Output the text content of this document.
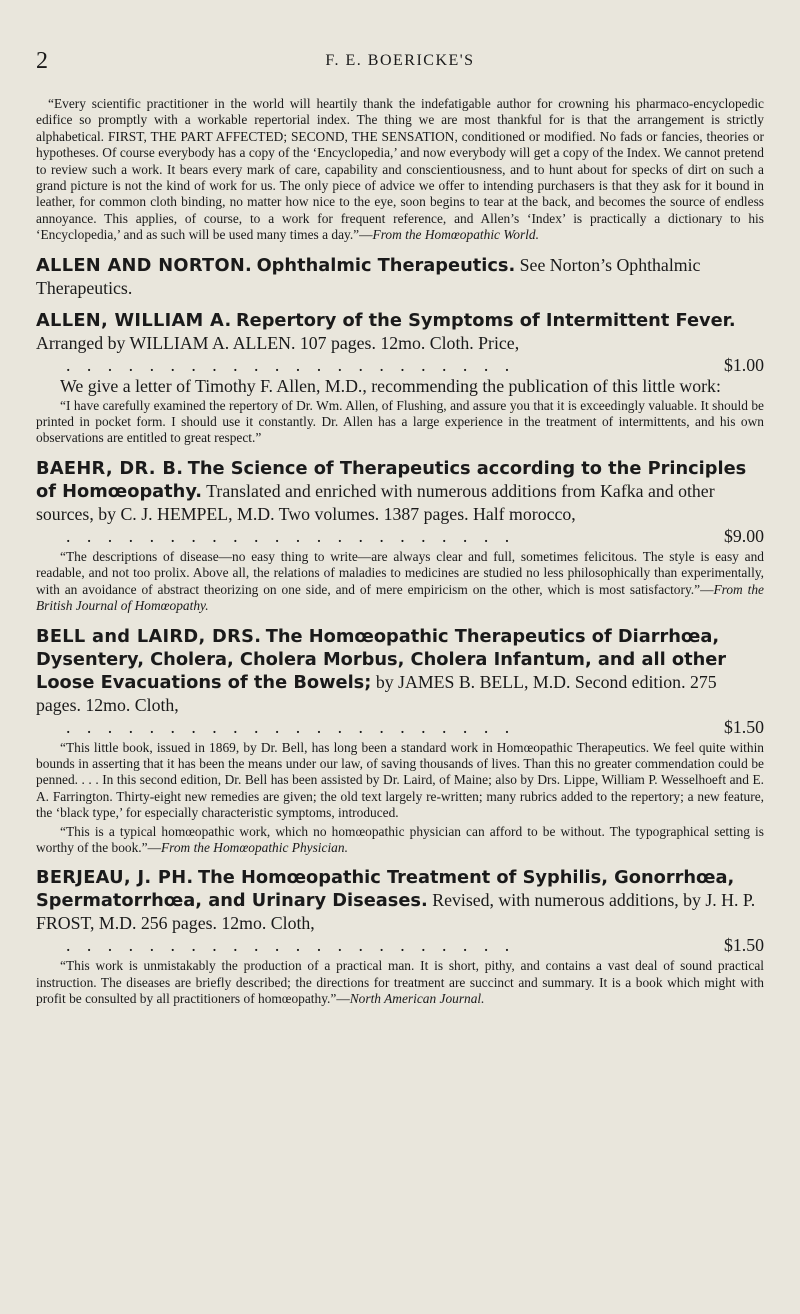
2	F. E. BOERICKE'S

“Every scientific practitioner in the world will heartily thank the indefatigable author for crowning his pharmaco-encyclopedic edifice so promptly with a workable repertorial index. The thing we are most thankful for is that the arrangement is strictly alphabetical. FIRST, THE PART AFFECTED; SECOND, THE SENSATION, conditioned or modified. No fads or fancies, theories or hypotheses. Of course everybody has a copy of the ‘Encyclopedia,’ and now everybody will get a copy of the Index. We cannot pretend to review such a work. It bears every mark of care, capability and conscientiousness, and to hunt about for specks of dirt on such a grand picture is not the kind of work for us. The only piece of advice we offer to intending purchasers is that they ask for it bound in leather, for common cloth binding, no matter how nice to the eye, soon begins to tear at the back, and becomes the source of endless annoyance. This applies, of course, to a work for frequent reference, and Allen’s ‘Index’ is practically a dictionary to his ‘Encyclopedia,’ and as such will be used many times a day.”—From the Homœopathic World.

ALLEN AND NORTON. Ophthalmic Therapeutics. See Norton’s Ophthalmic Therapeutics.
ALLEN, WILLIAM A. Repertory of the Symptoms of Intermittent Fever. Arranged by WILLIAM A. ALLEN. 107 pages. 12mo. Cloth. Price,
. . . . . . . . . . . . . . . . . . . . . .	$1.00

We give a letter of Timothy F. Allen, M.D., recommending the publication of this little work:

“I have carefully examined the repertory of Dr. Wm. Allen, of Flushing, and assure you that it is exceedingly valuable. It should be printed in pocket form. I should use it constantly. Dr. Allen has a large experience in the treatment of intermittents, and his own observations are entitled to great respect.”

BAEHR, DR. B. The Science of Therapeutics according to the Principles of Homœopathy. Translated and enriched with numerous additions from Kafka and other sources, by C. J. HEMPEL, M.D. Two volumes. 1387 pages. Half morocco,
. . . . . . . . . . . . . . . . . . . . . .	$9.00

“The descriptions of disease—no easy thing to write—are always clear and full, sometimes felicitous. The style is easy and readable, and not too prolix. Above all, the relations of maladies to medicines are studied no less philosophically than experimentally, with an avoidance of abstract theorizing on one side, and of mere empiricism on the other, which is most satisfactory.”—From the British Journal of Homœopathy.

BELL and LAIRD, DRS. The Homœopathic Therapeutics of Diarrhœa, Dysentery, Cholera, Cholera Morbus, Cholera Infantum, and all other Loose Evacuations of the Bowels; by JAMES B. BELL, M.D. Second edition. 275 pages. 12mo. Cloth,
. . . . . . . . . . . . . . . . . . . . . .	$1.50

“This little book, issued in 1869, by Dr. Bell, has long been a standard work in Homœopathic Therapeutics. We feel quite within bounds in asserting that it has been the means under our law, of saving thousands of lives. Than this no greater commendation could be penned. . . . In this second edition, Dr. Bell has been assisted by Dr. Laird, of Maine; also by Drs. Lippe, William P. Wesselhoeft and E. A. Farrington. Thirty-eight new remedies are given; the old text largely re-written; many rubrics added to the repertory; a new feature, the ‘black type,’ for especially characteristic symptoms, introduced.

“This is a typical homœopathic work, which no homœopathic physician can afford to be without. The typographical setting is worthy of the book.”—From the Homœopathic Physician.

BERJEAU, J. PH. The Homœopathic Treatment of Syphilis, Gonorrhœa, Spermatorrhœa, and Urinary Diseases. Revised, with numerous additions, by J. H. P. FROST, M.D. 256 pages. 12mo. Cloth,
. . . . . . . . . . . . . . . . . . . . . .	$1.50

“This work is unmistakably the production of a practical man. It is short, pithy, and contains a vast deal of sound practical instruction. The diseases are briefly described; the directions for treatment are succinct and summary. It is a book which might with profit be consulted by all practitioners of homœopathy.”—North American Journal.
